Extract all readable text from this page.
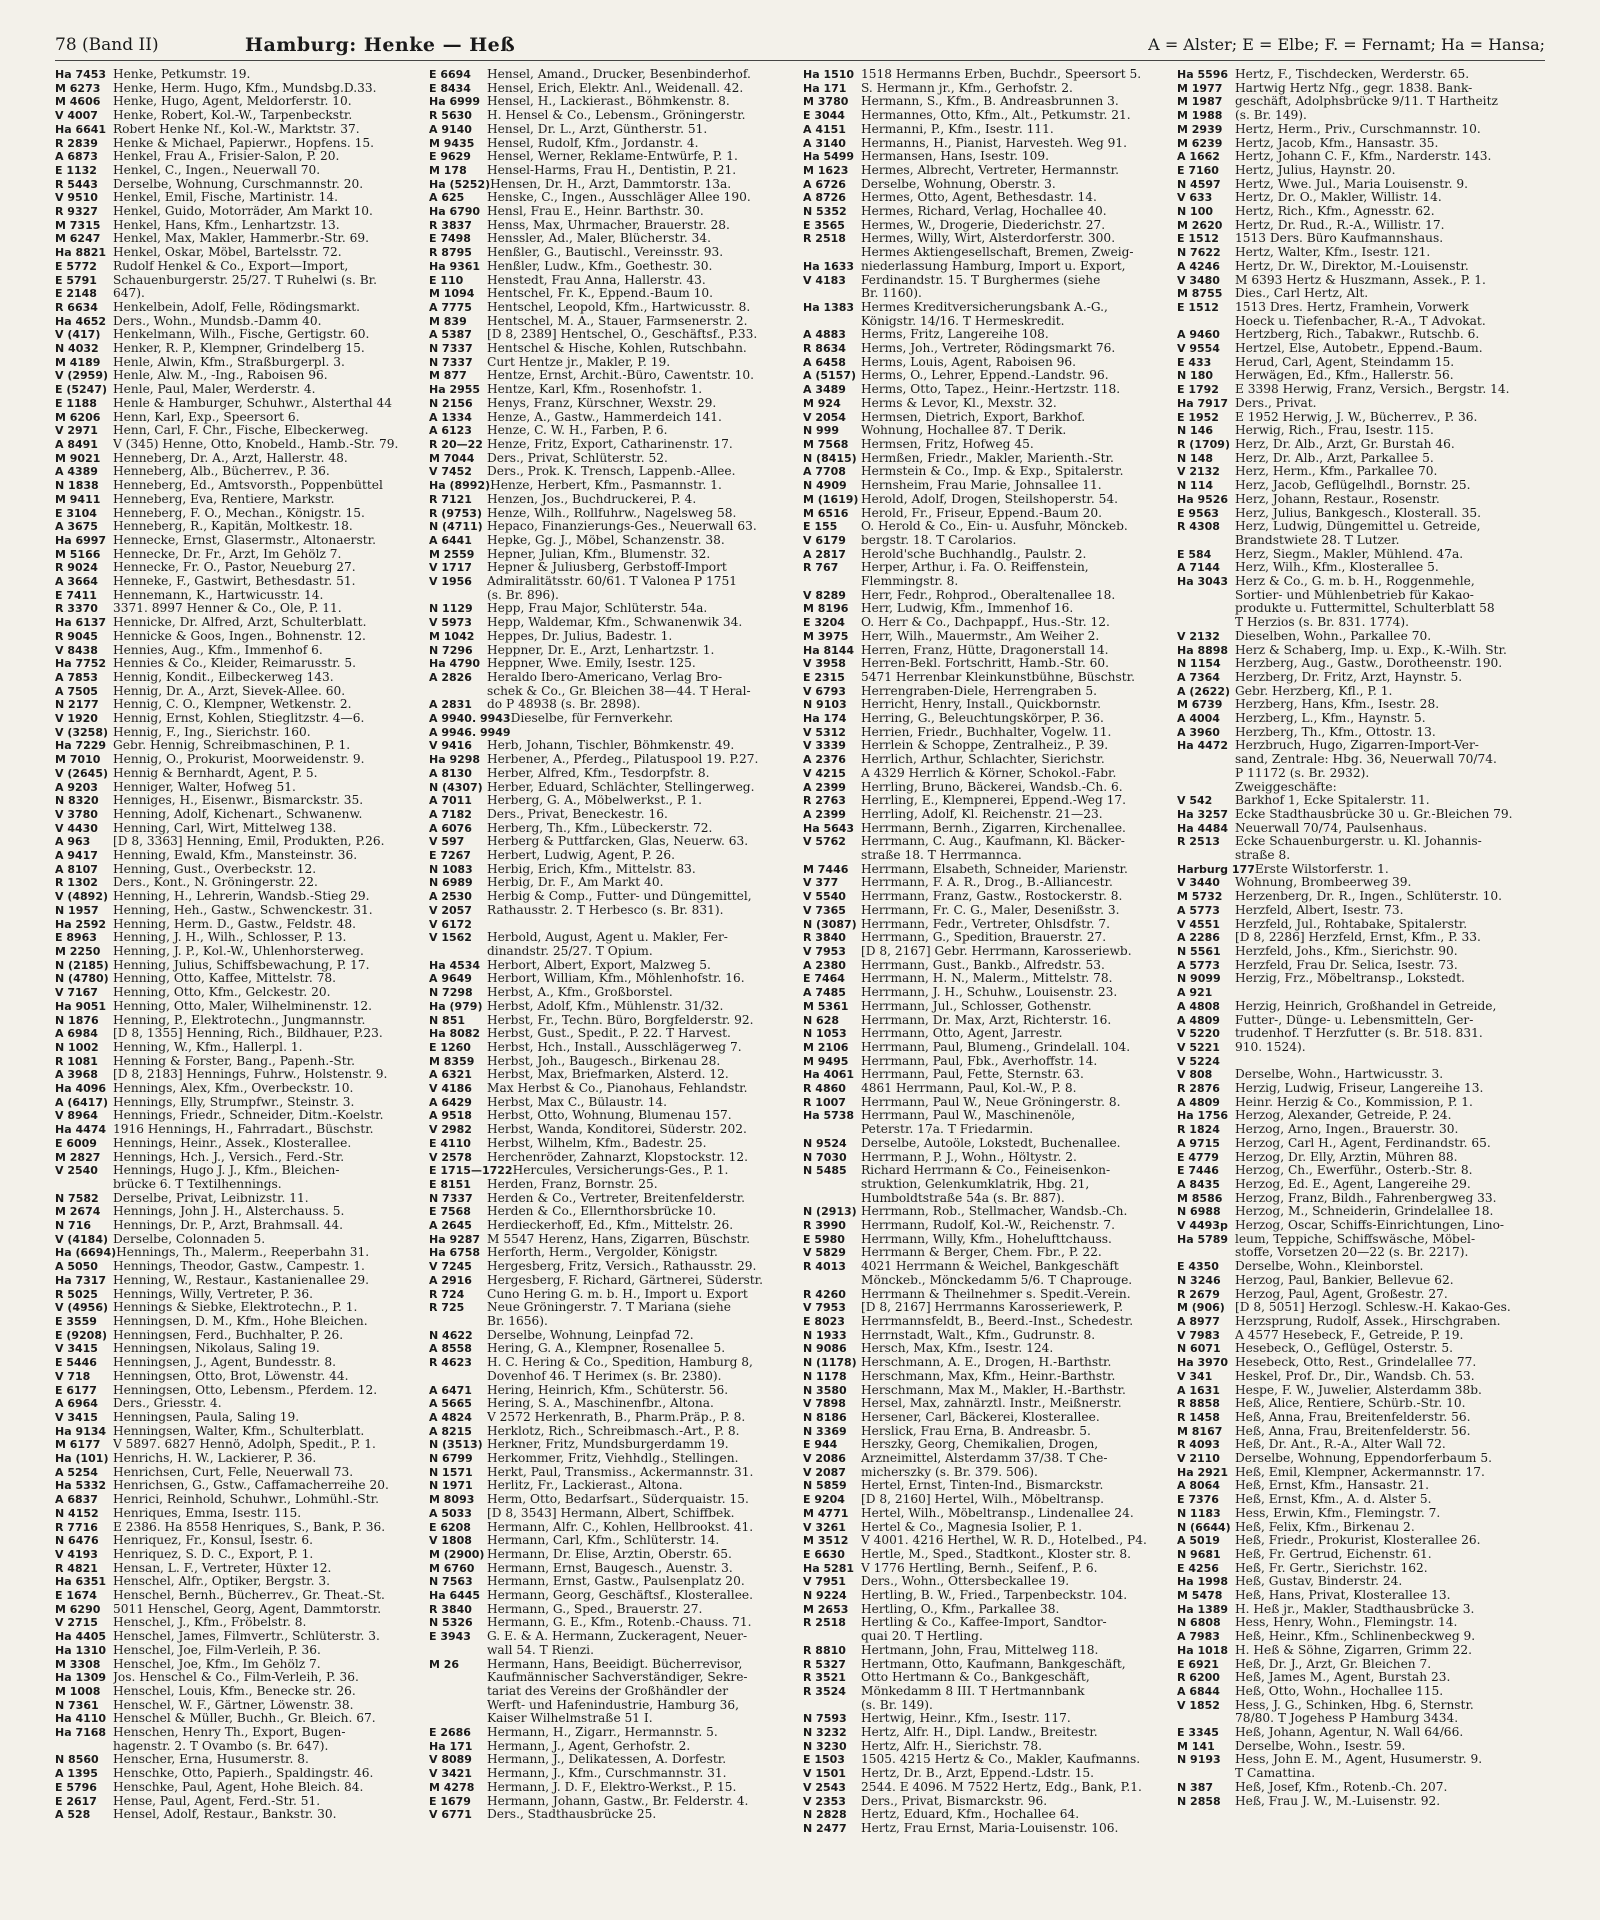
78 (Band II)	Hamburg: Henke — Heß	A = Alster; E = Elbe; F. = Fernamt; Ha = Hansa;
Ha 7453 Henke, Petkumstr. 19.
M 6273	Henke, Herm. Hugo, Kfm., Mundsbg.D.33.
M 4606	Henke, Hugo, Agent, Meldorferstr. 10.
V 4007	Henke, Robert, Kol.-W., Tarpenbeckstr.
Ha 6641 Robert Henke Nf., Kol.-W., Marktstr. 37.
R 2839	Henke & Michael, Papierwr., Hopfens. 15.
A 6873	Henkel, Frau A., Frisier-Salon, P. 20.
E 1132	Henkel, C., Ingen., Neuerwall 70.
R 5443	Derselbe, Wohnung, Curschmannstr. 20.
V 9510	Henkel, Emil, Fische, Martinistr. 14.
R 9327	Henkel, Guido, Motorräder, Am Markt 10.
M 7315	Henkel, Hans, Kfm., Lenhartzstr. 13.
M 6247	Henkel, Max, Makler, Hammerbr.-Str. 69.
Ha 8821 Henkel, Oskar, Möbel, Bartelsstr. 72.
E 5772	Rudolf Henkel & Co., Export—Import,
E 5791	Schauenburgerstr. 25/27. T Ruhelwi (s. Br.
E 2148	647).
R 6634	Henkelbein, Adolf, Felle, Rödingsmarkt.
Ha 4652 Ders., Wohn., Mundsb.-Damm 40.
V (417)	Henkelmann, Wilh., Fische, Gertigstr. 60.
N 4032	Henker, R. P., Klempner, Grindelberg 15.
M 4189	Henle, Alwin, Kfm., Straßburgerpl. 3.
V (2959) Henle, Alw. M., -Ing., Raboisen 96.
E (5247) Henle, Paul, Maler, Werderstr. 4.
E 1188	Henle & Hamburger, Schuhwr., Alsterthal 44
M 6206	Henn, Karl, Exp., Speersort 6.
V 2971	Henn, Carl, F. Chr., Fische, Elbeckerweg.
A 8491	V (345) Henne, Otto, Knobeld., Hamb.-Str. 79.
M 9021	Henneberg, Dr. A., Arzt, Hallerstr. 48.
A 4389	Henneberg, Alb., Bücherrev., P. 36.
N 1838	Henneberg, Ed., Amtsvorsth., Poppenbüttel
M 9411	Henneberg, Eva, Rentiere, Markstr.
E 3104	Henneberg, F. O., Mechan., Königstr. 15.
A 3675	Henneberg, R., Kapitän, Moltkestr. 18.
Ha 6997 Hennecke, Ernst, Glasermstr., Altonaerstr.
M 5166	Hennecke, Dr. Fr., Arzt, Im Gehölz 7.
R 9024	Hennecke, Fr. O., Pastor, Neueburg 27.
A 3664	Henneke, F., Gastwirt, Bethesdastr. 51.
E 7411	Hennemann, K., Hartwicusstr. 14.
R 3370	3371. 8997 Henner & Co., Öle, P. 11.
Ha 6137 Hennicke, Dr. Alfred, Arzt, Schulterblatt.
R 9045	Hennicke & Goos, Ingen., Bohnenstr. 12.
V 8438	Hennies, Aug., Kfm., Immenhof 6.
Ha 7752 Hennies & Co., Kleider, Reimarusstr. 5.
A 7853	Hennig, Kondit., Eilbeckerweg 143.
A 7505	Hennig, Dr. A., Arzt, Sievek-Allee. 60.
N 2177	Hennig, C. O., Klempner, Wetkenstr. 2.
V 1920	Hennig, Ernst, Kohlen, Stieglitzstr. 4—6.
V (3258) Hennig, F., Ing., Sierichstr. 160.
Ha 7229 Gebr. Hennig, Schreibmaschinen, P. 1.
M 7010	Hennig, O., Prokurist, Moorweidenstr. 9.
V (2645) Hennig & Bernhardt, Agent, P. 5.
A 9203	Henniger, Walter, Hofweg 51.
N 8320	Henniges, H., Eisenwr., Bismarckstr. 35.
V 3780	Henning, Adolf, Kichenart., Schwanenw.
V 4430	Henning, Carl, Wirt, Mittelweg 138.
A 963	[D 8, 3363] Henning, Emil, Produkten, P.26.
A 9417	Henning, Ewald, Kfm., Mansteinstr. 36.
A 8107	Henning, Gust., Overbeckstr. 12.
R 1302	Ders., Kont., N. Gröningerstr. 22.
V (4892) Henning, H., Lehrerin, Wandsb.-Stieg 29.
N 1957	Henning, Heh., Gastw., Schwenckestr. 31.
Ha 2592 Henning, Herm. D., Gastw., Feldstr. 48.
E 8963	Henning, J. H., Wilh., Schlosser, P. 13.
M 2250	Henning, J. P., Kol.-W., Uhlenhorsterweg.
N (2185) Henning, Julius, Schiffsbewachung, P. 17.
N (4780) Henning, Otto, Kaffee, Mittelstr. 78.
V 7167	Henning, Otto, Kfm., Gelckestr. 20.
Ha 9051 Henning, Otto, Maler, Wilhelminenstr. 12.
N 1876	Henning, P., Elektrotechn., Jungmannstr.
A 6984	[D 8, 1355] Henning, Rich., Bildhauer, P.23.
N 1002	Henning, W., Kfm., Hallerpl. 1.
R 1081	Henning & Forster, Bang., Papenh.-Str.
A 3968	[D 8, 2183] Hennings, Fuhrw., Holstenstr. 9.
Ha 4096 Hennings, Alex, Kfm., Overbeckstr. 10.
A (6417) Hennings, Elly, Strumpfwr., Steinstr. 3.
V 8964	Hennings, Friedr., Schneider, Ditm.-Koelstr.
Ha 4474 1916 Hennings, H., Fahrradart., Büschstr.
E 6009	Hennings, Heinr., Assek., Klosterallee.
M 2827	Hennings, Hch. J., Versich., Ferd.-Str.
V 2540	Hennings, Hugo J. J., Kfm., Bleichen-
brücke 6. T Textilhennings.
N 7582	Derselbe, Privat, Leibnizstr. 11.
M 2674	Hennings, John J. H., Alsterchauss. 5.
N 716	Hennings, Dr. P., Arzt, Brahmsall. 44.
V (4184) Derselbe, Colonnaden 5.
Ha (6694) Hennings, Th., Malerm., Reeperbahn 31.
A 5050	Hennings, Theodor, Gastw., Campestr. 1.
Ha 7317 Henning, W., Restaur., Kastanienallee 29.
R 5025	Hennings, Willy, Vertreter, P. 36.
V (4956) Hennings & Siebke, Elektrotechn., P. 1.
E 3559	Henningsen, D. M., Kfm., Hohe Bleichen.
E (9208) Henningsen, Ferd., Buchhalter, P. 26.
V 3415	Henningsen, Nikolaus, Saling 19.
E 5446	Henningsen, J., Agent, Bundesstr. 8.
V 718	Henningsen, Otto, Brot, Löwenstr. 44.
E 6177	Henningsen, Otto, Lebensm., Pferdem. 12.
A 6964	Ders., Griesstr. 4.
V 3415	Henningsen, Paula, Saling 19.
Ha 9134 Henningsen, Walter, Kfm., Schulterblatt.
M 6177	V 5897. 6827 Hennö, Adolph, Spedit., P. 1.
Ha (101) Henrichs, H. W., Lackierer, P. 36.
A 5254	Henrichsen, Curt, Felle, Neuerwall 73.
Ha 5332 Henrichsen, G., Gstw., Caffamacherreihe 20.
A 6837	Henrici, Reinhold, Schuhwr., Lohmühl.-Str.
N 4152	Henriques, Emma, Isestr. 115.
R 7716	E 2386. Ha 8558 Henriques, S., Bank, P. 36.
N 6476	Henriquez, Fr., Konsul, Isestr. 6.
V 4193	Henriquez, S. D. C., Export, P. 1.
R 4821	Hensan, L. F., Vertreter, Hüxter 12.
Ha 6351 Henschel, Alfr., Optiker, Bergstr. 3.
E 1674	Henschel, Bernh., Bücherrev., Gr. Theat.-St.
M 6290	5011 Henschel, Georg, Agent, Dammtorstr.
V 2715	Henschel, J., Kfm., Fröbelstr. 8.
Ha 4405 Henschel, James, Filmvertr., Schlüterstr. 3.
Ha 1310 Henschel, Joe, Film-Verleih, P. 36.
M 3308	Henschel, Joe, Kfm., Im Gehölz 7.
Ha 1309 Jos. Henschel & Co., Film-Verleih, P. 36.
M 1008	Henschel, Louis, Kfm., Benecke str. 26.
N 7361	Henschel, W. F., Gärtner, Löwenstr. 38.
Ha 4110 Henschel & Müller, Buchh., Gr. Bleich. 67.
Ha 7168 Henschen, Henry Th., Export, Bugen-
hagenstr. 2. T Ovambo (s. Br. 647).
N 8560	Henscher, Erna, Husumerstr. 8.
A 1395	Henschke, Otto, Papierh., Spaldingstr. 46.
E 5796	Henschke, Paul, Agent, Hohe Bleich. 84.
E 2617	Hense, Paul, Agent, Ferd.-Str. 51.
A 528	Hensel, Adolf, Restaur., Bankstr. 30.
E 6694	Hensel, Amand., Drucker, Besenbinderhof.
E 8434	Hensel, Erich, Elektr. Anl., Weidenall. 42.
Ha 6999 Hensel, H., Lackierast., Böhmkenstr. 8.
R 5630	H. Hensel & Co., Lebensm., Gröningerstr.
A 9140	Hensel, Dr. L., Arzt, Güntherstr. 51.
M 9435	Hensel, Rudolf, Kfm., Jordanstr. 4.
E 9629	Hensel, Werner, Reklame-Entwürfe, P. 1.
M 178	Hensel-Harms, Frau H., Dentistin, P. 21.
Ha (5252) Hensen, Dr. H., Arzt, Dammtorstr. 13a.
A 625	Henske, C., Ingen., Ausschläger Allee 190.
Ha 6790 Hensl, Frau E., Heinr. Barthstr. 30.
R 3837	Henss, Max, Uhrmacher, Brauerstr. 28.
E 7498	Henssler, Ad., Maler, Blücherstr. 34.
R 8795	Henßler, G., Bautischl., Vereinsstr. 93.
Ha 9361 Henßler, Ludw., Kfm., Goethestr. 30.
E 110	Henstedt, Frau Anna, Hallerstr. 43.
M 1094	Hentschel, Fr. K., Eppend.-Baum 10.
A 7775	Hentschel, Leopold, Kfm., Hartwicusstr. 8.
M 839	Hentschel, M. A., Stauer, Farmsenerstr. 2.
A 5387	[D 8, 2389] Hentschel, O., Geschäftsf., P.33.
N 7337	Hentschel & Hische, Kohlen, Rutschbahn.
N 7337	Curt Hentze jr., Makler, P. 19.
M 877	Hentze, Ernst, Archit.-Büro, Cawentstr. 10.
Ha 2955 Hentze, Karl, Kfm., Rosenhofstr. 1.
N 2156	Henys, Franz, Kürschner, Wexstr. 29.
A 1334	Henze, A., Gastw., Hammerdeich 141.
A 6123	Henze, C. W. H., Farben, P. 6.
R 20—22 Henze, Fritz, Export, Catharinenstr. 17.
M 7044	Ders., Privat, Schlüterstr. 52.
V 7452	Ders., Prok. K. Trensch, Lappenb.-Allee.
Ha (8992) Henze, Herbert, Kfm., Pasmannstr. 1.
R 7121	Henzen, Jos., Buchdruckerei, P. 4.
R (9753) Henze, Wilh., Rollfuhrw., Nagelsweg 58.
N (4711) Hepaco, Finanzierungs-Ges., Neuerwall 63.
A 6441	Hepke, Gg. J., Möbel, Schanzenstr. 38.
M 2559	Hepner, Julian, Kfm., Blumenstr. 32.
V 1717	Hepner & Juliusberg, Gerbstoff-Import
V 1956	Admiralitätsstr. 60/61. T Valonea P 1751
(s. Br. 896).
N 1129	Hepp, Frau Major, Schlüterstr. 54a.
V 5973	Hepp, Waldemar, Kfm., Schwanenwik 34.
M 1042	Heppes, Dr. Julius, Badestr. 1.
N 7296	Heppner, Dr. E., Arzt, Lenhartzstr. 1.
Ha 4790 Heppner, Wwe. Emily, Isestr. 125.
A 2826	Heraldo Ibero-Americano, Verlag Bro-
schek & Co., Gr. Bleichen 38—44. T Heral-
A 2831	do P 48938 (s. Br. 2898).
A 9940. 9943 Dieselbe, für Fernverkehr.
A 9946. 9949
V 9416	Herb, Johann, Tischler, Böhmkenstr. 49.
Ha 9298 Herbener, A., Pferdeg., Pilatuspool 19. P.27.
A 8130	Herber, Alfred, Kfm., Tesdorpfstr. 8.
N (4307) Herber, Eduard, Schlächter, Stellingerweg.
A 7011	Herberg, G. A., Möbelwerkst., P. 1.
A 7182	Ders., Privat, Beneckestr. 16.
A 6076	Herberg, Th., Kfm., Lübeckerstr. 72.
V 597	Herberg & Puttfarcken, Glas, Neuerw. 63.
E 7267	Herbert, Ludwig, Agent, P. 26.
N 1083	Herbig, Erich, Kfm., Mittelstr. 83.
N 6989	Herbig, Dr. F., Am Markt 40.
A 2530	Herbig & Comp., Futter- und Düngemittel,
V 2057	Rathausstr. 2. T Herbesco (s. Br. 831).
V 6172
V 1562	Herbold, August, Agent u. Makler, Fer-
dinandstr. 25/27. T Opium.
Ha 4534 Herbort, Albert, Export, Malzweg 5.
A 9649	Herbort, William, Kfm., Möhlenhofstr. 16.
N 7298	Herbst, A., Kfm., Großborstel.
Ha (979) Herbst, Adolf, Kfm., Mühlenstr. 31/32.
N 851	Herbst, Fr., Techn. Büro, Borgfelderstr. 92.
Ha 8082 Herbst, Gust., Spedit., P. 22. T Harvest.
E 1260	Herbst, Hch., Install., Ausschlägerweg 7.
M 8359	Herbst, Joh., Baugesch., Birkenau 28.
A 6321	Herbst, Max, Briefmarken, Alsterd. 12.
V 4186	Max Herbst & Co., Pianohaus, Fehlandstr.
A 6429	Herbst, Max C., Bülaustr. 14.
A 9518	Herbst, Otto, Wohnung, Blumenau 157.
V 2982	Herbst, Wanda, Konditorei, Süderstr. 202.
E 4110	Herbst, Wilhelm, Kfm., Badestr. 25.
V 2578	Herchenröder, Zahnarzt, Klopstockstr. 12.
E 1715—1722 Hercules, Versicherungs-Ges., P. 1.
E 8151	Herden, Franz, Bornstr. 25.
N 7337	Herden & Co., Vertreter, Breitenfelderstr.
E 7568	Herden & Co., Ellernthorsbrücke 10.
A 2645	Herdieckerhoff, Ed., Kfm., Mittelstr. 26.
Ha 9287 M 5547 Herenz, Hans, Zigarren, Büschstr.
Ha 6758 Herforth, Herm., Vergolder, Königstr.
V 7245	Hergesberg, Fritz, Versich., Rathausstr. 29.
A 2916	Hergesberg, F. Richard, Gärtnerei, Süderstr.
R 724	Cuno Hering G. m. b. H., Import u. Export
R 725	Neue Gröningerstr. 7. T Mariana (siehe
Br. 1656).
N 4622	Derselbe, Wohnung, Leinpfad 72.
A 8558	Hering, G. A., Klempner, Rosenallee 5.
R 4623	H. C. Hering & Co., Spedition, Hamburg 8,
Dovenhof 46. T Herimex (s. Br. 2380).
A 6471	Hering, Heinrich, Kfm., Schüterstr. 56.
A 5665	Hering, S. A., Maschinenfbr., Altona.
A 4824	V 2572 Herkenrath, B., Pharm.Präp., P. 8.
A 8215	Herklotz, Rich., Schreibmasch.-Art., P. 8.
N (3513) Herkner, Fritz, Mundsburgerdamm 19.
N 6799	Herkommer, Fritz, Viehhdlg., Stellingen.
N 1571	Herkt, Paul, Transmiss., Ackermannstr. 31.
N 1971	Herlitz, Fr., Lackierast., Altona.
M 8093	Herm, Otto, Bedarfsart., Süderquaistr. 15.
A 5033	[D 8, 3543] Hermann, Albert, Schiffbek.
E 6208	Hermann, Alfr. C., Kohlen, Hellbrookst. 41.
V 1808	Hermann, Carl, Kfm., Schlüterstr. 14.
M (2900) Hermann, Dr. Elise, Ärztin, Oberstr. 65.
M 6760	Hermann, Ernst, Baugesch., Auenstr. 3.
N 7563	Hermann, Ernst, Gastw., Paulsenplatz 20.
Ha 6445 Hermann, Georg, Geschäftsf., Klosterallee.
R 3840	Hermann, G., Sped., Brauerstr. 27.
N 5326	Hermann, G. E., Kfm., Rotenb.-Chauss. 71.
E 3943	G. E. & A. Hermann, Zuckeragent, Neuer-
wall 54. T Rienzi.
M 26	Hermann, Hans, Beeidigt. Bücherrevisor,
Kaufmännischer Sachverständiger, Sekre-
tariat des Vereins der Großhändler der
Werft- und Hafenindustrie, Hamburg 36,
Kaiser Wilhelmstraße 51 I.
E 2686	Hermann, H., Zigarr., Hermannstr. 5.
Ha 171	Hermann, J., Agent, Gerhofstr. 2.
V 8089	Hermann, J., Delikatessen, A. Dorfestr.
V 3421	Hermann, J., Kfm., Curschmannstr. 31.
M 4278	Hermann, J. D. F., Elektro-Werkst., P. 15.
E 1679	Hermann, Johann, Gastw., Br. Felderstr. 4.
V 6771	Ders., Stadthausbrücke 25.
Ha 1510 1518 Hermanns Erben, Buchdr., Speersort 5.
Ha 171	S. Hermann jr., Kfm., Gerhofstr. 2.
M 3780	Hermann, S., Kfm., B. Andreasbrunnen 3.
E 3044	Hermannes, Otto, Kfm., Alt., Petkumstr. 21.
A 4151	Hermanni, P., Kfm., Isestr. 111.
A 3140	Hermanns, H., Pianist, Harvesteh. Weg 91.
Ha 5499 Hermansen, Hans, Isestr. 109.
M 1623	Hermes, Albrecht, Vertreter, Hermannstr.
A 6726	Derselbe, Wohnung, Oberstr. 3.
A 8726	Hermes, Otto, Agent, Bethesdastr. 14.
N 5352	Hermes, Richard, Verlag, Hochallee 40.
E 3565	Hermes, W., Drogerie, Diederichstr. 27.
R 2518	Hermes, Willy, Wirt, Alsterdorferstr. 300.
Hermes Aktiengesellschaft, Bremen, Zweig-
Ha 1633 niederlassung Hamburg, Import u. Export,
V 4183	Ferdinandstr. 15. T Burghermes (siehe
Br. 1160).
Ha 1383 Hermes Kreditversicherungsbank A.-G.,
Königstr. 14/16. T Hermeskredit.
A 4883	Herms, Fritz, Langereihe 108.
R 8634	Herms, Joh., Vertreter, Rödingsmarkt 76.
A 6458	Herms, Louis, Agent, Raboisen 96.
A (5157) Herms, O., Lehrer, Eppend.-Landstr. 96.
A 3489	Herms, Otto, Tapez., Heinr.-Hertzstr. 118.
M 924	Herms & Levor, Kl., Mexstr. 32.
V 2054	Hermsen, Dietrich, Export, Barkhof.
N 999	Wohnung, Hochallee 87. T Derik.
M 7568	Hermsen, Fritz, Hofweg 45.
N (8415) Hermßen, Friedr., Makler, Marienth.-Str.
A 7708	Hermstein & Co., Imp. & Exp., Spitalerstr.
N 4909	Hernsheim, Frau Marie, Johnsallee 11.
M (1619) Herold, Adolf, Drogen, Steilshoperstr. 54.
M 6516	Herold, Fr., Friseur, Eppend.-Baum 20.
E 155	O. Herold & Co., Ein- u. Ausfuhr, Mönckeb.
V 6179	bergstr. 18. T Carolarios.
A 2817	Herold'sche Buchhandlg., Paulstr. 2.
R 767	Herper, Arthur, i. Fa. O. Reiffenstein,
Flemmingstr. 8.
V 8289	Herr, Fedr., Rohprod., Oberaltenallee 18.
M 8196	Herr, Ludwig, Kfm., Immenhof 16.
E 3204	O. Herr & Co., Dachpappf., Hus.-Str. 12.
M 3975	Herr, Wilh., Mauermstr., Am Weiher 2.
Ha 8144 Herren, Franz, Hütte, Dragonerstall 14.
V 3958	Herren-Bekl. Fortschritt, Hamb.-Str. 60.
E 2315	5471 Herrenbar Kleinkunstbühne, Büschstr.
V 6793	Herrengraben-Diele, Herrengraben 5.
N 9103	Herricht, Henry, Install., Quickbornstr.
Ha 174	Herring, G., Beleuchtungskörper, P. 36.
V 5312	Herrien, Friedr., Buchhalter, Vogelw. 11.
V 3339	Herrlein & Schoppe, Zentralheiz., P. 39.
A 2376	Herrlich, Arthur, Schlachter, Sierichstr.
V 4215	A 4329 Herrlich & Körner, Schokol.-Fabr.
A 2399	Herrling, Bruno, Bäckerei, Wandsb.-Ch. 6.
R 2763	Herrling, E., Klempnerei, Eppend.-Weg 17.
A 2399	Herrling, Adolf, Kl. Reichenstr. 21—23.
Ha 5643 Herrmann, Bernh., Zigarren, Kirchenallee.
V 5762	Herrmann, C. Aug., Kaufmann, Kl. Bäcker-
straße 18. T Herrmannca.
M 7446	Herrmann, Elsabeth, Schneider, Marienstr.
V 377	Herrmann, F. A. R., Drog., B.-Alliancestr.
V 5540	Herrmann, Franz, Gastw., Rostockerstr. 8.
V 7365	Herrmann, Fr. C. G., Maler, Desenißstr. 3.
N (3087) Herrmann, Fedr., Vertreter, Ohlsdfstr. 7.
R 3840	Herrmann, G., Spedition, Brauerstr. 27.
V 7953	[D 8, 2167] Gebr. Herrmann, Karosseriewb.
A 2380	Herrmann, Gust., Bankb., Alfredstr. 53.
E 7464	Herrmann, H. N., Malerm., Mittelstr. 78.
A 7485	Herrmann, J. H., Schuhw., Louisenstr. 23.
M 5361	Herrmann, Jul., Schlosser, Gothenstr.
N 628	Herrmann, Dr. Max, Arzt, Richterstr. 16.
N 1053	Herrmann, Otto, Agent, Jarrestr.
M 2106	Herrmann, Paul, Blumeng., Grindelall. 104.
M 9495	Herrmann, Paul, Fbk., Averhoffstr. 14.
Ha 4061 Herrmann, Paul, Fette, Sternstr. 63.
R 4860	4861 Herrmann, Paul, Kol.-W., P. 8.
R 1007	Herrmann, Paul W., Neue Gröningerstr. 8.
Ha 5738 Herrmann, Paul W., Maschinenöle,
Peterstr. 17a. T Friedarmin.
N 9524	Derselbe, Autoöle, Lokstedt, Buchenallee.
N 7030	Herrmann, P. J., Wohn., Höltystr. 2.
N 5485	Richard Herrmann & Co., Feineisenkon-
struktion, Gelenkumklatrik, Hbg. 21,
Humboldtstraße 54a (s. Br. 887).
N (2913) Herrmann, Rob., Stellmacher, Wandsb.-Ch.
R 3990	Herrmann, Rudolf, Kol.-W., Reichenstr. 7.
E 5980	Herrmann, Willy, Kfm., Hohelufttchauss.
V 5829	Herrmann & Berger, Chem. Fbr., P. 22.
R 4013	4021 Herrmann & Weichel, Bankgeschäft
Mönckeb., Mönckedamm 5/6. T Chaprouge.
R 4260	Herrmann & Theilnehmer s. Spedit.-Verein.
V 7953	[D 8, 2167] Herrmanns Karosseriewerk, P.
E 8023	Herrmannsfeldt, B., Beerd.-Inst., Schedestr.
N 1933	Herrnstadt, Walt., Kfm., Gudrunstr. 8.
N 9086	Hersch, Max, Kfm., Isestr. 124.
N (1178) Herschmann, A. E., Drogen, H.-Barthstr.
N 1178	Herschmann, Max, Kfm., Heinr.-Barthstr.
N 3580	Herschmann, Max M., Makler, H.-Barthstr.
V 7898	Hersel, Max, zahnärztl. Instr., Meißnerstr.
N 8186	Hersener, Carl, Bäckerei, Klosterallee.
N 3369	Herslick, Frau Erna, B. Andreasbr. 5.
E 944	Herszky, Georg, Chemikalien, Drogen,
V 2086	Arzneimittel, Alsterdamm 37/38. T Che-
V 2087	micherszky (s. Br. 379. 506).
N 5859	Hertel, Ernst, Tinten-Ind., Bismarckstr.
E 9204	[D 8, 2160] Hertel, Wilh., Möbeltransp.
M 4771	Hertel, Wilh., Möbeltransp., Lindenallee 24.
V 3261	Hertel & Co., Magnesia Isolier, P. 1.
M 3512	V 4001. 4216 Herthel, W. R. D., Hotelbed., P4.
E 6630	Hertle, M., Sped., Stadtkont., Kloster str. 8.
Ha 5281 V 1776 Hertling, Bernh., Seifenf., P. 6.
V 7951	Ders., Wohn., Ottersbeckallee 19.
N 9224	Hertling, B. W., Fried., Tarpenbeckstr. 104.
M 2653	Hertling, O., Kfm., Parkallee 38.
R 2518	Hertling & Co., Kaffee-Import, Sandtor-
quai 20. T Hertling.
R 8810	Hertmann, John, Frau, Mittelweg 118.
R 5327	Hertmann, Otto, Kaufmann, Bankgeschäft,
R 3521	Otto Hertmann & Co., Bankgeschäft,
R 3524	Mönkedamm 8 III. T Hertmannbank
(s. Br. 149).
N 7593	Hertwig, Heinr., Kfm., Isestr. 117.
N 3232	Hertz, Alfr. H., Dipl. Landw., Breitestr.
N 3230	Hertz, Alfr. H., Sierichstr. 78.
E 1503	1505. 4215 Hertz & Co., Makler, Kaufmanns.
V 1501	Hertz, Dr. B., Arzt, Eppend.-Ldstr. 15.
V 2543	2544. E 4096. M 7522 Hertz, Edg., Bank, P.1.
V 2353	Ders., Privat, Bismarckstr. 96.
N 2828	Hertz, Eduard, Kfm., Hochallee 64.
N 2477	Hertz, Frau Ernst, Maria-Louisenstr. 106.
Ha 5596 Hertz, F., Tischdecken, Werderstr. 65.
M 1977	Hartwig Hertz Nfg., gegr. 1838. Bank-
M 1987	geschäft, Adolphsbrücke 9/11. T Hartheitz
M 1988	(s. Br. 149).
M 2939	Hertz, Herm., Priv., Curschmannstr. 10.
M 6239	Hertz, Jacob, Kfm., Hansastr. 35.
A 1662	Hertz, Johann C. F., Kfm., Narderstr. 143.
E 7160	Hertz, Julius, Haynstr. 20.
N 4597	Hertz, Wwe. Jul., Maria Louisenstr. 9.
V 633	Hertz, Dr. O., Makler, Willistr. 14.
N 100	Hertz, Rich., Kfm., Agnesstr. 62.
M 2620	Hertz, Dr. Rud., R.-A., Willistr. 17.
E 1512	1513 Ders. Büro Kaufmannshaus.
N 7622	Hertz, Walter, Kfm., Isestr. 121.
A 4246	Hertz, Dr. W., Direktor, M.-Louisenstr.
V 3480	M 6393 Hertz & Huszmann, Assek., P. 1.
M 8755	Dies., Carl Hertz, Alt.
E 1512	1513 Dres. Hertz, Framhein, Vorwerk
Hoeck u. Tiefenbacher, R.-A., T Advokat.
A 9460	Hertzberg, Rich., Tabakwr., Rutschb. 6.
V 9554	Hertzel, Else, Autobetr., Eppend.-Baum.
E 433	Herud, Carl, Agent, Steindamm 15.
N 180	Herwägen, Ed., Kfm., Hallerstr. 56.
E 1792	E 3398 Herwig, Franz, Versich., Bergstr. 14.
Ha 7917 Ders., Privat.
E 1952	E 1952 Herwig, J. W., Bücherrev., P. 36.
N 146	Herwig, Rich., Frau, Isestr. 115.
R (1709) Herz, Dr. Alb., Arzt, Gr. Burstah 46.
N 148	Herz, Dr. Alb., Arzt, Parkallee 5.
V 2132	Herz, Herm., Kfm., Parkallee 70.
N 114	Herz, Jacob, Geflügelhdl., Bornstr. 25.
Ha 9526 Herz, Johann, Restaur., Rosenstr.
E 9563	Herz, Julius, Bankgesch., Klosterall. 35.
R 4308	Herz, Ludwig, Düngemittel u. Getreide,
Brandstwiete 28. T Lutzer.
E 584	Herz, Siegm., Makler, Mühlend. 47a.
A 7144	Herz, Wilh., Kfm., Klosterallee 5.
Ha 3043 Herz & Co., G. m. b. H., Roggenmehle,
Sortier- und Mühlenbetrieb für Kakao-
produkte u. Futtermittel, Schulterblatt 58
T Herzios (s. Br. 831. 1774).
V 2132	Dieselben, Wohn., Parkallee 70.
Ha 8898 Herz & Schaberg, Imp. u. Exp., K.-Wilh. Str.
N 1154	Herzberg, Aug., Gastw., Dorotheenstr. 190.
A 7364	Herzberg, Dr. Fritz, Arzt, Haynstr. 5.
A (2622) Gebr. Herzberg, Kfl., P. 1.
M 6739	Herzberg, Hans, Kfm., Isestr. 28.
A 4004	Herzberg, L., Kfm., Haynstr. 5.
A 3960	Herzberg, Th., Kfm., Ottostr. 13.
Ha 4472 Herzbruch, Hugo, Zigarren-Import-Ver-
sand, Zentrale: Hbg. 36, Neuerwall 70/74.
P 11172 (s. Br. 2932).
Zweiggeschäfte:
V 542	Barkhof 1, Ecke Spitalerstr. 11.
Ha 3257 Ecke Stadthausbrücke 30 u. Gr.-Bleichen 79.
Ha 4484 Neuerwall 70/74, Paulsenhaus.
R 2513	Ecke Schauenburgerstr. u. Kl. Johannis-
straße 8.
Harburg 177 Erste Wilstorferstr. 1.
V 3440	Wohnung, Brombeerweg 39.
M 5732	Herzenberg, Dr. R., Ingen., Schlüterstr. 10.
A 5773	Herzfeld, Albert, Isestr. 73.
V 4551	Herzfeld, Jul., Rohtabake, Spitalerstr.
A 2286	[D 8, 2286] Herzfeld, Ernst, Kfm., P. 33.
N 5561	Herzfeld, Johs., Kfm., Sierichstr. 90.
A 5773	Herzfeld, Frau Dr. Selica, Isestr. 73.
N 9099	Herzig, Frz., Möbeltransp., Lokstedt.
A 921
A 4808	Herzig, Heinrich, Großhandel in Getreide,
A 4809	Futter-, Dünge- u. Lebensmitteln, Ger-
V 5220	trudenhof. T Herzfutter (s. Br. 518. 831.
V 5221	910. 1524).
V 5224
V 808	Derselbe, Wohn., Hartwicusstr. 3.
R 2876	Herzig, Ludwig, Friseur, Langereihe 13.
A 4809	Heinr. Herzig & Co., Kommission, P. 1.
Ha 1756 Herzog, Alexander, Getreide, P. 24.
R 1824	Herzog, Arno, Ingen., Brauerstr. 30.
A 9715	Herzog, Carl H., Agent, Ferdinandstr. 65.
E 4779	Herzog, Dr. Elly, Ärztin, Mühren 88.
E 7446	Herzog, Ch., Ewerführ., Osterb.-Str. 8.
A 8435	Herzog, Ed. E., Agent, Langereihe 29.
M 8586	Herzog, Franz, Bildh., Fahrenbergweg 33.
N 6988	Herzog, M., Schneiderin, Grindelallee 18.
V 4493p Herzog, Oscar, Schiffs-Einrichtungen, Lino-
Ha 5789 leum, Teppiche, Schiffswäsche, Möbel-
stoffe, Vorsetzen 20—22 (s. Br. 2217).
E 4350	Derselbe, Wohn., Kleinborstel.
N 3246	Herzog, Paul, Bankier, Bellevue 62.
R 2679	Herzog, Paul, Agent, Großestr. 27.
M (906) [D 8, 5051] Herzogl. Schlesw.-H. Kakao-Ges.
A 8977	Herzsprung, Rudolf, Assek., Hirschgraben.
V 7983	A 4577 Hesebeck, F., Getreide, P. 19.
N 6071	Hesebeck, O., Geflügel, Osterstr. 5.
Ha 3970 Hesebeck, Otto, Rest., Grindelallee 77.
V 341	Heskel, Prof. Dr., Dir., Wandsb. Ch. 53.
A 1631	Hespe, F. W., Juwelier, Alsterdamm 38b.
R 8858	Heß, Alice, Rentiere, Schürb.-Str. 10.
R 1458	Heß, Anna, Frau, Breitenfelderstr. 56.
M 8167	Heß, Anna, Frau, Breitenfelderstr. 56.
R 4093	Heß, Dr. Ant., R.-A., Alter Wall 72.
V 2110	Derselbe, Wohnung, Eppendorferbaum 5.
Ha 2921 Heß, Emil, Klempner, Ackermannstr. 17.
A 8064	Heß, Ernst, Kfm., Hansastr. 21.
E 7376	Heß, Ernst, Kfm., A. d. Alster 5.
N 1183	Hess, Erwin, Kfm., Flemingstr. 7.
N (6644) Heß, Felix, Kfm., Birkenau 2.
A 5019	Heß, Friedr., Prokurist, Klosterallee 26.
N 9681	Heß, Fr. Gertrud, Eichenstr. 61.
E 4256	Heß, Fr. Gertr., Sierichstr. 162.
Ha 1998 Heß, Gustav, Binderstr. 24.
M 5478	Heß, Hans, Privat, Klosterallee 13.
Ha 1389 H. Heß jr., Makler, Stadthausbrücke 3.
N 6808	Hess, Henry, Wohn., Flemingstr. 14.
A 7983	Heß, Heinr., Kfm., Schlinenbeckweg 9.
Ha 1018 H. Heß & Söhne, Zigarren, Grimm 22.
E 6921	Heß, Dr. J., Arzt, Gr. Bleichen 7.
R 6200	Heß, James M., Agent, Burstah 23.
A 6844	Heß, Otto, Wohn., Hochallee 115.
V 1852	Hess, J. G., Schinken, Hbg. 6, Sternstr.
78/80. T Jogehess P Hamburg 3434.
E 3345	Heß, Johann, Agentur, N. Wall 64/66.
M 141	Derselbe, Wohn., Isestr. 59.
N 9193	Hess, John E. M., Agent, Husumerstr. 9.
T Camattina.
N 387	Heß, Josef, Kfm., Rotenb.-Ch. 207.
N 2858	Heß, Frau J. W., M.-Luisenstr. 92.
